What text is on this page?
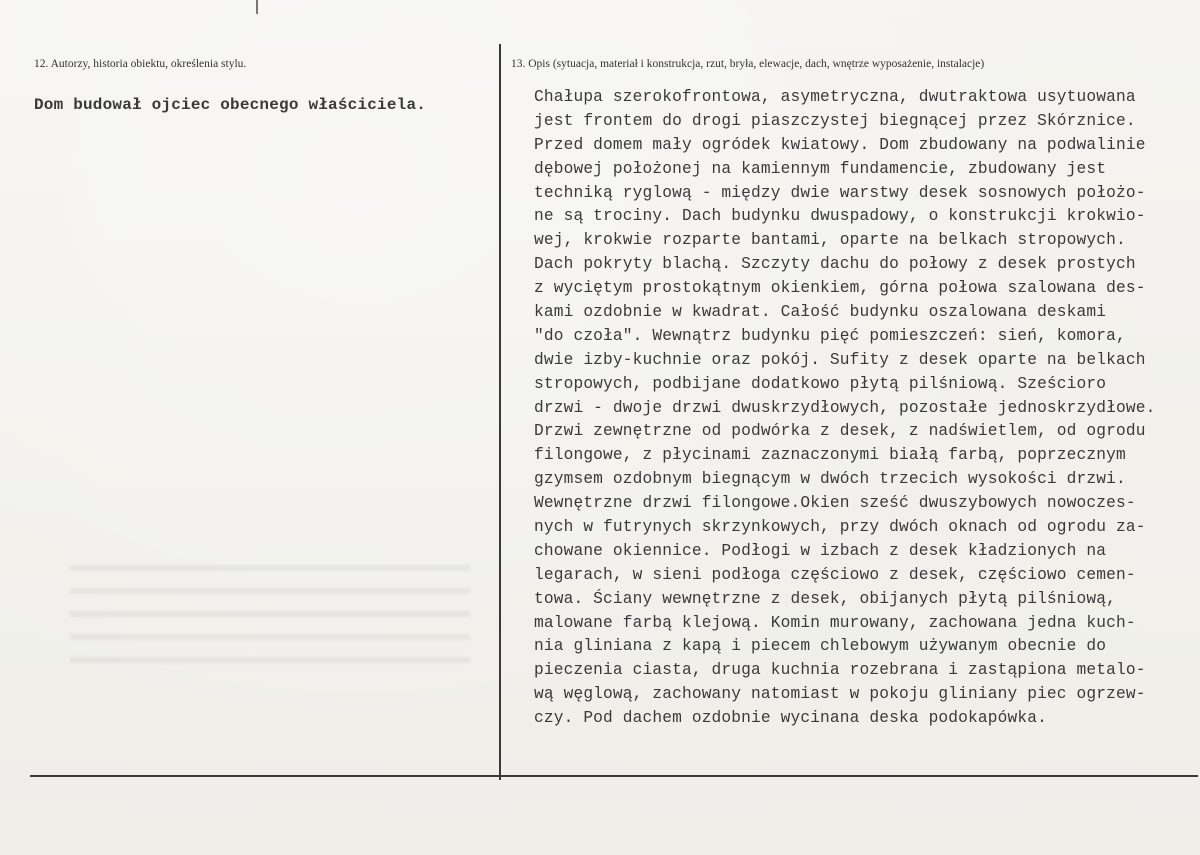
12. Autorzy, historia obiektu, określenia stylu.	13. Opis (sytuacja, materiał i konstrukcja, rzut, bryła, elewacje, dach, wnętrze wyposażenie, instalacje)
Dom budował ojciec obecnego właściciela.	Chałupa szerokofrontowa, asymetryczna, dwutraktowa usytuowana
jest frontem do drogi piaszczystej biegnącej przez Skórznice.
Przed domem mały ogródek kwiatowy. Dom zbudowany na podwalinie
dębowej położonej na kamiennym fundamencie, zbudowany jest
techniką ryglową - między dwie warstwy desek sosnowych położo-
ne są trociny. Dach budynku dwuspadowy, o konstrukcji krokwio-
wej, krokwie rozparte bantami, oparte na belkach stropowych.
Dach pokryty blachą. Szczyty dachu do połowy z desek prostych
z wyciętym prostokątnym okienkiem, górna połowa szalowana des-
kami ozdobnie w kwadrat. Całość budynku oszalowana deskami
"do czoła". Wewnątrz budynku pięć pomieszczeń: sień, komora,
dwie izby-kuchnie oraz pokój. Sufity z desek oparte na belkach
stropowych, podbijane dodatkowo płytą pilśniową. Sześcioro
drzwi - dwoje drzwi dwuskrzydłowych, pozostałe jednoskrzydłowe.
Drzwi zewnętrzne od podwórka z desek, z nadświetlem, od ogrodu
filongowe, z płycinami zaznaczonymi białą farbą, poprzecznym
gzymsem ozdobnym biegnącym w dwóch trzecich wysokości drzwi.
Wewnętrzne drzwi filongowe.Okien sześć dwuszybowych nowoczes-
nych w futrynych skrzynkowych, przy dwóch oknach od ogrodu za-
chowane okiennice. Podłogi w izbach z desek kładzionych na
legarach, w sieni podłoga częściowo z desek, częściowo cemen-
towa. Ściany wewnętrzne z desek, obijanych płytą pilśniową,
malowane farbą klejową. Komin murowany, zachowana jedna kuch-
nia gliniana z kapą i piecem chlebowym używanym obecnie do
pieczenia ciasta, druga kuchnia rozebrana i zastąpiona metalo-
wą węglową, zachowany natomiast w pokoju gliniany piec ogrzew-
czy. Pod dachem ozdobnie wycinana deska podokapówka.
